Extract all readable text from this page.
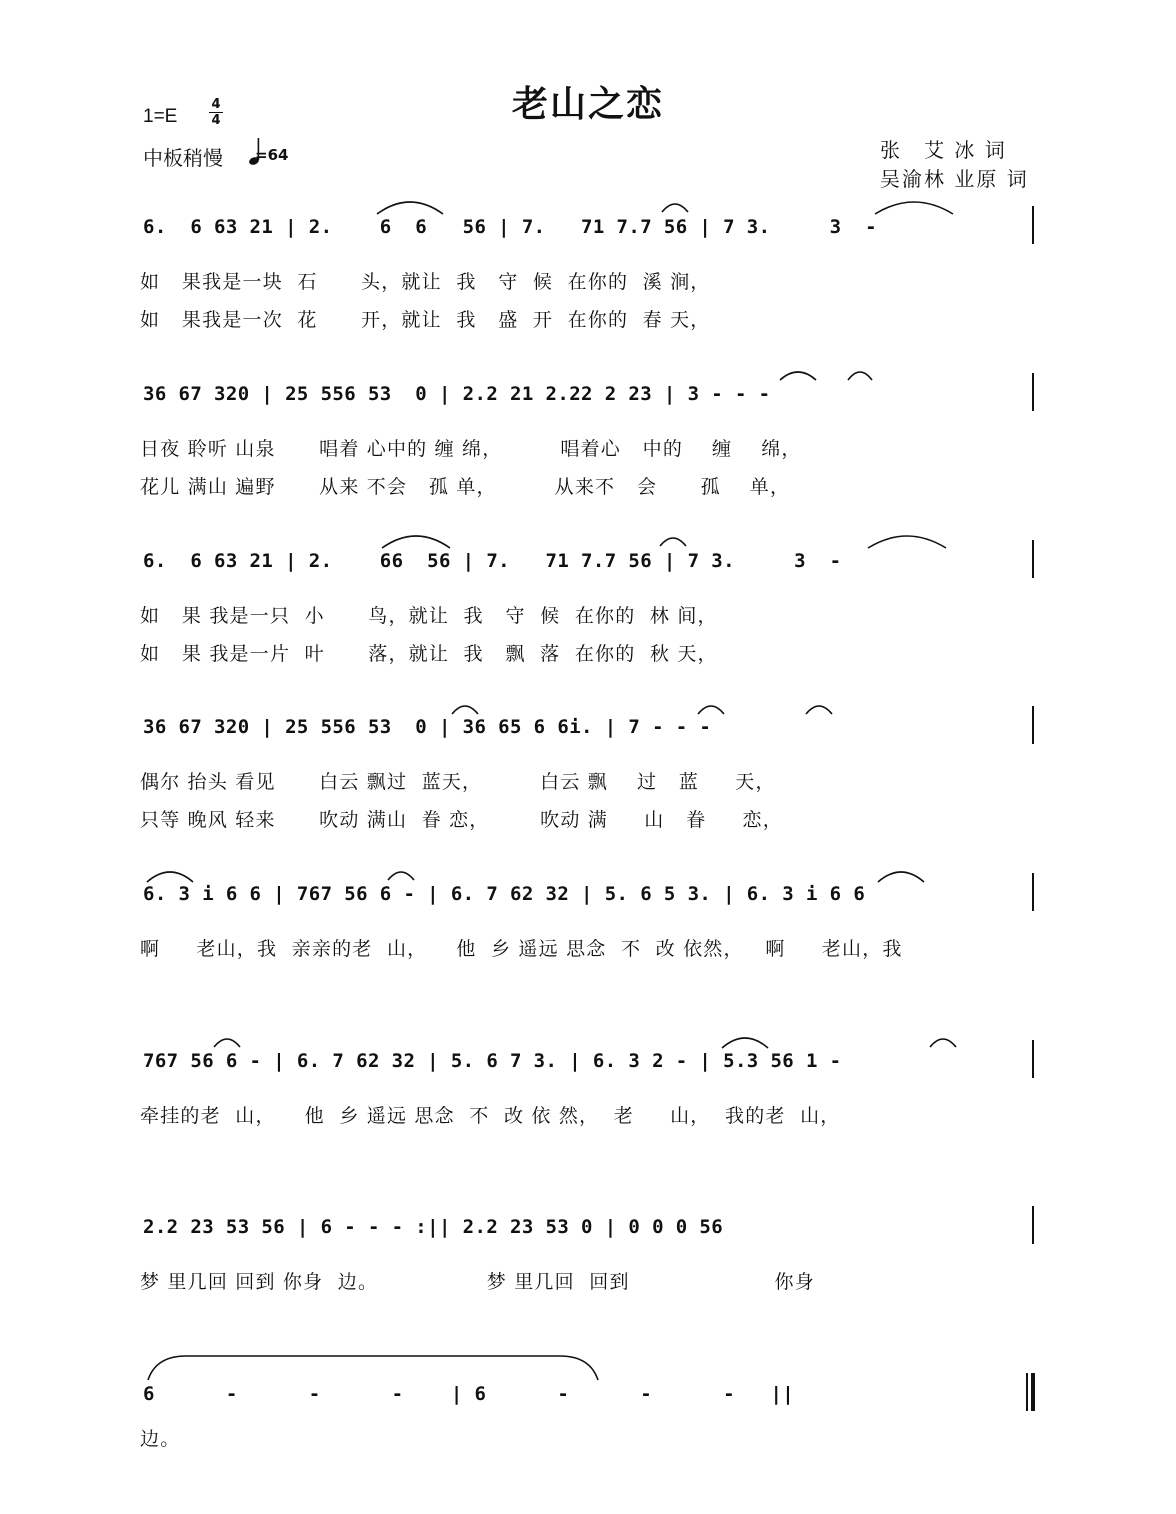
老山之恋
1=E
4
4
中板稍慢 =64	张　艾 冰 词
吴渝林 业原 词
6.  6 63 21 | 2.    6  6   56 | 7.   71 7.7 56 | 7 3.     3  -
如   果我是一块  石      头，就让  我   守  候  在你的  溪 涧，
如   果我是一次  花      开，就让  我   盛  开  在你的  春 天，
36 67 320 | 25 556 53  0 | 2.2 21 2.22 2 23 | 3 - - -
日夜 聆听 山泉      唱着 心中的 缠 绵，        唱着心   中的    缠    绵，
花儿 满山 遍野      从来 不会   孤 单，        从来不   会      孤    单，
6.  6 63 21 | 2.    66  56 | 7.   71 7.7 56 | 7 3.     3  -
如   果 我是一只  小      鸟，就让  我   守  候  在你的  林 间，
如   果 我是一片  叶      落，就让  我   飘  落  在你的  秋 天，
36 67 320 | 25 556 53  0 | 36 65 6 6i. | 7 - - -
偶尔 抬头 看见      白云 飘过  蓝天，        白云 飘    过   蓝     天，
只等 晚风 轻来      吹动 满山  眷 恋，       吹动 满     山   眷     恋，
6. 3 i 6 6 | 767 56 6 - | 6. 7 62 32 | 5. 6 5 3. | 6. 3 i 6 6
啊     老山，我  亲亲的老  山，    他  乡 遥远 思念  不  改 依然，   啊     老山，我
767 56 6 - | 6. 7 62 32 | 5. 6 7 3. | 6. 3 2 - | 5.3 56 1 -
牵挂的老  山，    他  乡 遥远 思念  不  改 依 然，  老     山，  我的老  山，
2.2 23 53 56 | 6 - - - :|| 2.2 23 53 0 | 0 0 0 56
梦 里几回 回到 你身  边。               梦 里几回  回到                    你身
6      -      -      -    | 6      -      -      -   ||
边。
